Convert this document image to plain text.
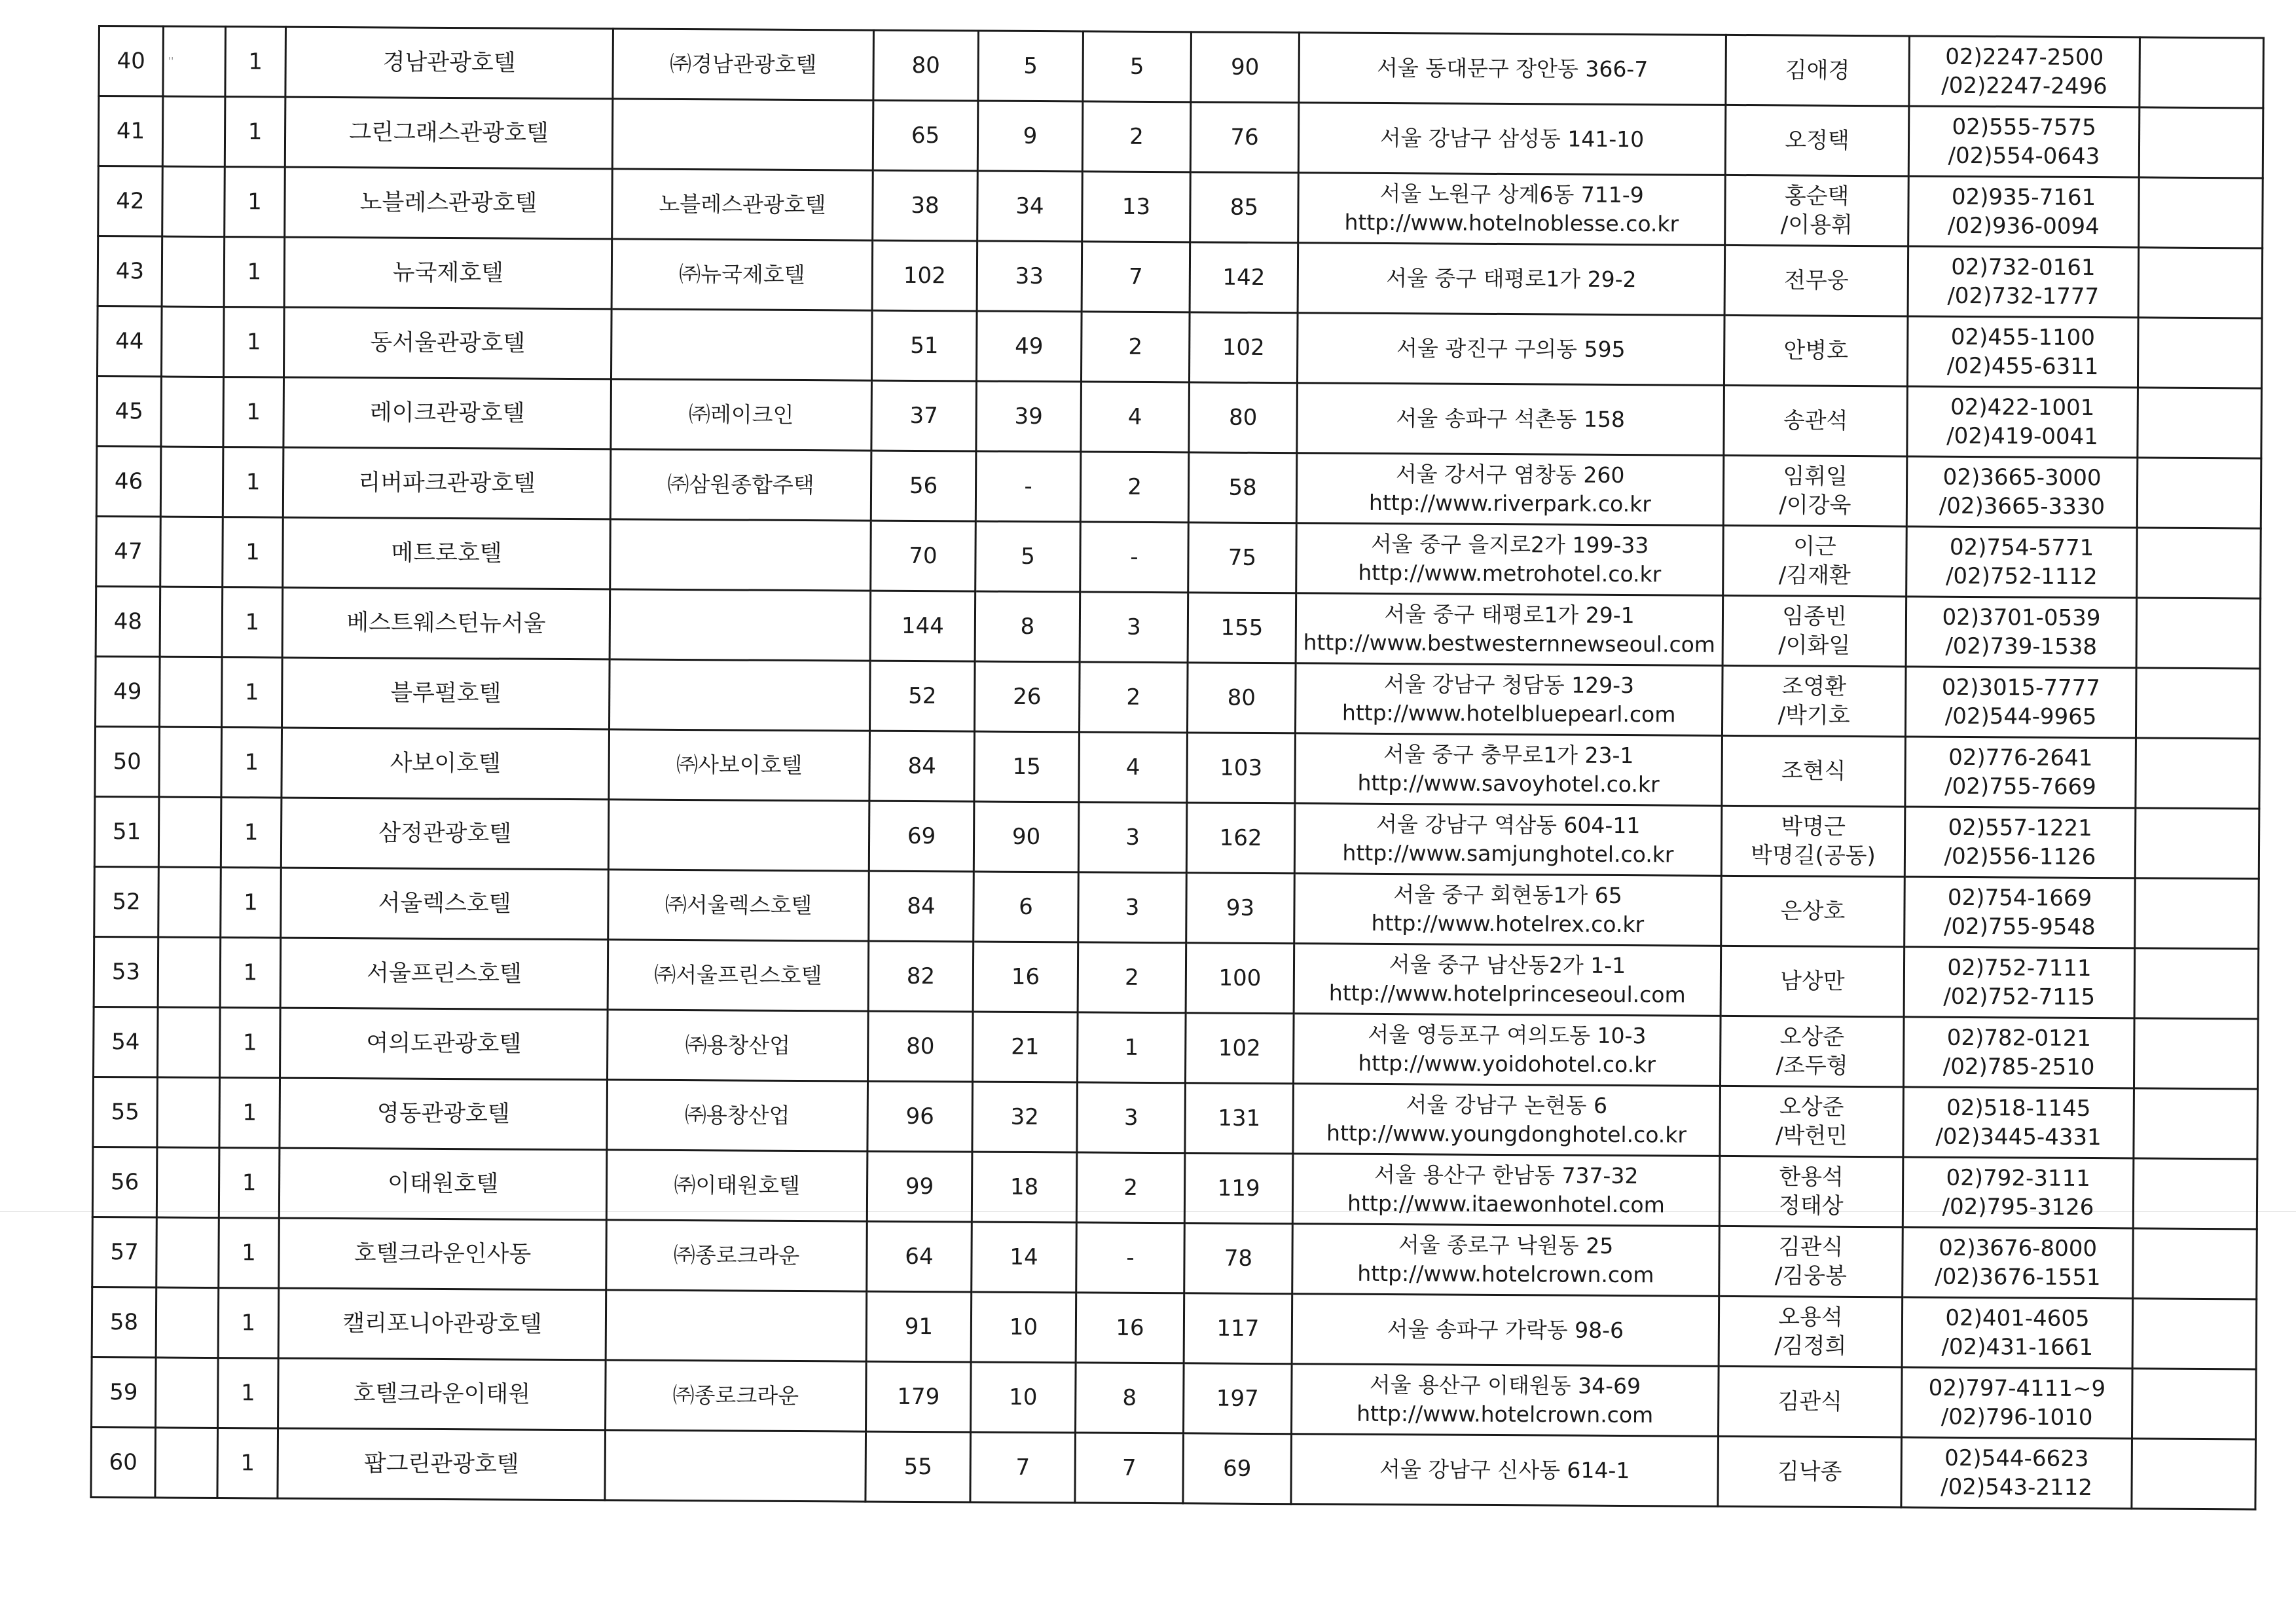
40	''	1	경남관광호텔	㈜경남관광호텔	80	5	5	90	서울 동대문구 장안동 366-7	김애경	02)2247-2500
/02)2247-2496	

41		1	그린그래스관광호텔		65	9	2	76	서울 강남구 삼성동 141-10	오정택	02)555-7575
/02)554-0643	

42		1	노블레스관광호텔	노블레스관광호텔	38	34	13	85	서울 노원구 상계6동 711-9
http://www.hotelnoblesse.co.kr	홍순택
/이용휘	02)935-7161
/02)936-0094	

43		1	뉴국제호텔	㈜뉴국제호텔	102	33	7	142	서울 중구 태평로1가 29-2	전무웅	02)732-0161
/02)732-1777	

44		1	동서울관광호텔		51	49	2	102	서울 광진구 구의동 595	안병호	02)455-1100
/02)455-6311	

45		1	레이크관광호텔	㈜레이크인	37	39	4	80	서울 송파구 석촌동 158	송관석	02)422-1001
/02)419-0041	

46		1	리버파크관광호텔	㈜삼원종합주택	56	-	2	58	서울 강서구 염창동 260
http://www.riverpark.co.kr	임휘일
/이강욱	02)3665-3000
/02)3665-3330	

47		1	메트로호텔		70	5	-	75	서울 중구 을지로2가 199-33
http://www.metrohotel.co.kr	이근
/김재환	02)754-5771
/02)752-1112	

48		1	베스트웨스턴뉴서울		144	8	3	155	서울 중구 태평로1가 29-1
http://www.bestwesternnewseoul.com	임종빈
/이화일	02)3701-0539
/02)739-1538	

49		1	블루펄호텔		52	26	2	80	서울 강남구 청담동 129-3
http://www.hotelbluepearl.com	조영환
/박기호	02)3015-7777
/02)544-9965	

50		1	사보이호텔	㈜사보이호텔	84	15	4	103	서울 중구 충무로1가 23-1
http://www.savoyhotel.co.kr	조현식	02)776-2641
/02)755-7669	

51		1	삼정관광호텔		69	90	3	162	서울 강남구 역삼동 604-11
http://www.samjunghotel.co.kr	박명근
박명길(공동)	02)557-1221
/02)556-1126	

52		1	서울렉스호텔	㈜서울렉스호텔	84	6	3	93	서울 중구 회현동1가 65
http://www.hotelrex.co.kr	은상호	02)754-1669
/02)755-9548	

53		1	서울프린스호텔	㈜서울프린스호텔	82	16	2	100	서울 중구 남산동2가 1-1
http://www.hotelprinceseoul.com	남상만	02)752-7111
/02)752-7115	

54		1	여의도관광호텔	㈜용창산업	80	21	1	102	서울 영등포구 여의도동 10-3
http://www.yoidohotel.co.kr	오상준
/조두형	02)782-0121
/02)785-2510	

55		1	영동관광호텔	㈜용창산업	96	32	3	131	서울 강남구 논현동 6
http://www.youngdonghotel.co.kr	오상준
/박헌민	02)518-1145
/02)3445-4331	

56		1	이태원호텔	㈜이태원호텔	99	18	2	119	서울 용산구 한남동 737-32
http://www.itaewonhotel.com	한용석
정태상	02)792-3111
/02)795-3126	

57		1	호텔크라운인사동	㈜종로크라운	64	14	-	78	서울 종로구 낙원동 25
http://www.hotelcrown.com	김관식
/김웅봉	02)3676-8000
/02)3676-1551	

58		1	캘리포니아관광호텔		91	10	16	117	서울 송파구 가락동 98-6	오용석
/김정희	02)401-4605
/02)431-1661	

59		1	호텔크라운이태원	㈜종로크라운	179	10	8	197	서울 용산구 이태원동 34-69
http://www.hotelcrown.com	김관식	02)797-4111~9
/02)796-1010	

60		1	팝그린관광호텔		55	7	7	69	서울 강남구 신사동 614-1	김낙종	02)544-6623
/02)543-2112	
